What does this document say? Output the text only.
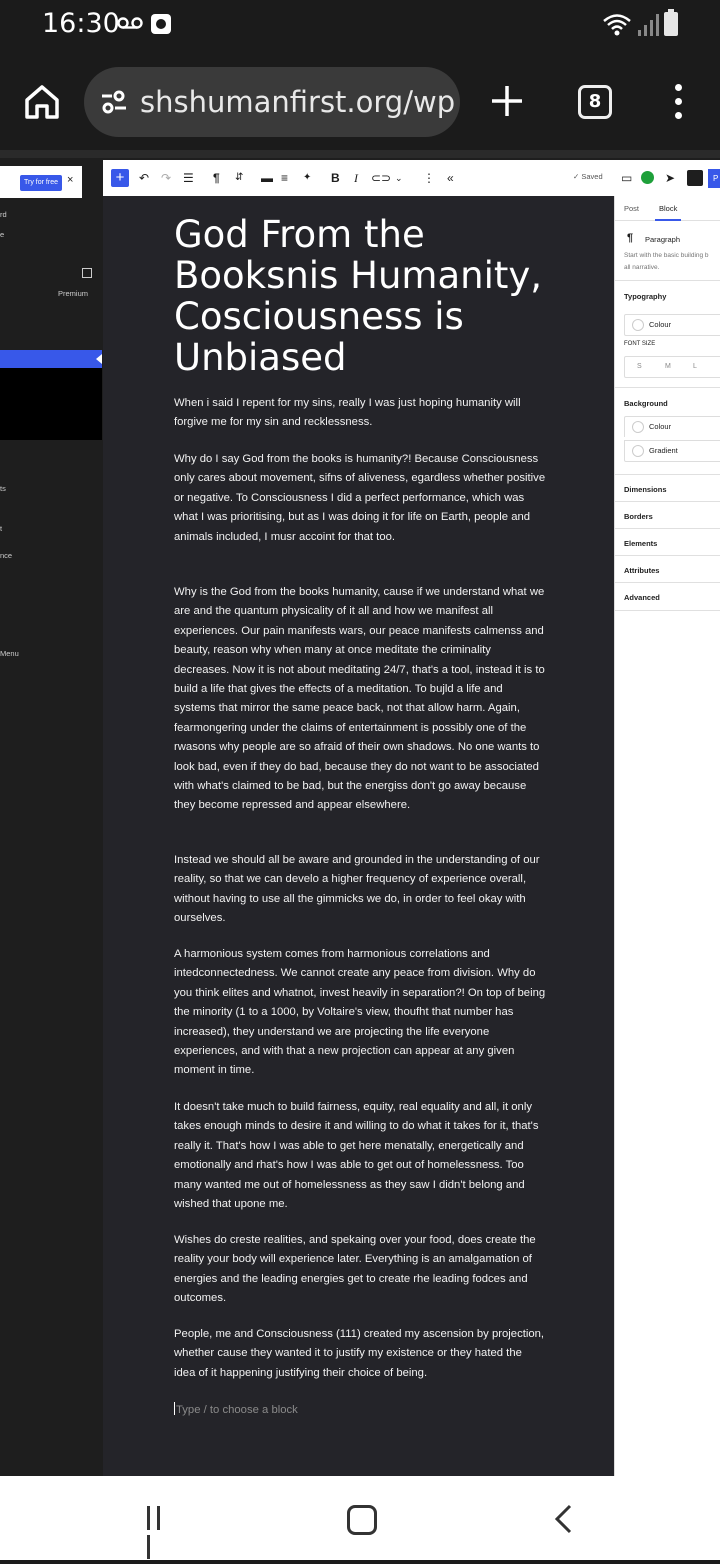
16:30
shshumanfirst.org/wp	8
Try for free ×
rd
e
Premium
ts
t
nce
Menu
+	↶ ↷ ☰ ¶ ⇵ ▬ ≡ ✦ B I ⊂⊃ ⌄ ⋮ «	✓ Saved ▭	➤	P
God From the Booksnis Humanity, Cosciousness is Unbiased

When i said I repent for my sins, really I was just hoping humanity will forgive me for my sin and recklessness.

Why do I say God from the books is humanity?! Because Consciousness only cares about movement, sifns of aliveness, egardless whether positive or negative. To Consciousness I did a perfect performance, which was what I was prioritising, but as I was doing it for life on Earth, people and animals included, I musr accoint for that too.

Why is the God from the books humanity, cause if we understand what we are and the quantum physicality of it all and how we manifest all experiences. Our pain manifests wars, our peace manifests calmenss and beauty, reason why when many at once meditate the criminality decreases. Now it is not about meditating 24/7, that's a tool, instead it is to build a life that gives the effects of a meditation. To bujld a life and systems that mirror the same peace back, not that allow harm. Again, fearmongering under the claims of entertainment is possibly one of the rwasons why people are so afraid of their own shadows. No one wants to look bad, even if they do bad, because they do not want to be associated with what's claimed to be bad, but the energiss don't go away because they become repressed and appear elsewhere.

Instead we should all be aware and grounded in the understanding of our reality, so that we can develo a higher frequency of experience overall, without having to use all the gimmicks we do, in order to feel okay with ourselves.

A harmonious system comes from harmonious correlations and intedconnectedness. We cannot create any peace from division. Why do you think elites and whatnot, invest heavily in separation?! On top of being the minority (1 to a 1000, by Voltaire's view, thoufht that number has increased), they understand we are projecting the life everyone experiences, and with that a new projection can appear at any given moment in time.

It doesn't take much to build fairness, equity, real equality and all, it only takes enough minds to desire it and willing to do what it takes for it, that's really it. That's how I was able to get here menatally, energetically and emotionally and rhat's how I was able to get out of homelessness. Too many wanted me out of homelessness as they saw I didn't belong and wished that upone me.

Wishes do creste realities, and spekaing over your food, does create the reality your body will experience later. Everything is an amalgamation of energies and the leading energies get to create rhe leading fodces and outcomes.

People, me and Consciousness (111) created my ascension by projection, whether cause they wanted it to justify my existence or they hated the idea of it happening justifying their choice of being.

Type / to choose a block

Post	Block
¶ Paragraph
Start with the basic building b
all narrative.
Typography
Colour
FONT SIZE
S	M	L
Background
Colour
Gradient
Dimensions
Borders
Elements
Attributes
Advanced
